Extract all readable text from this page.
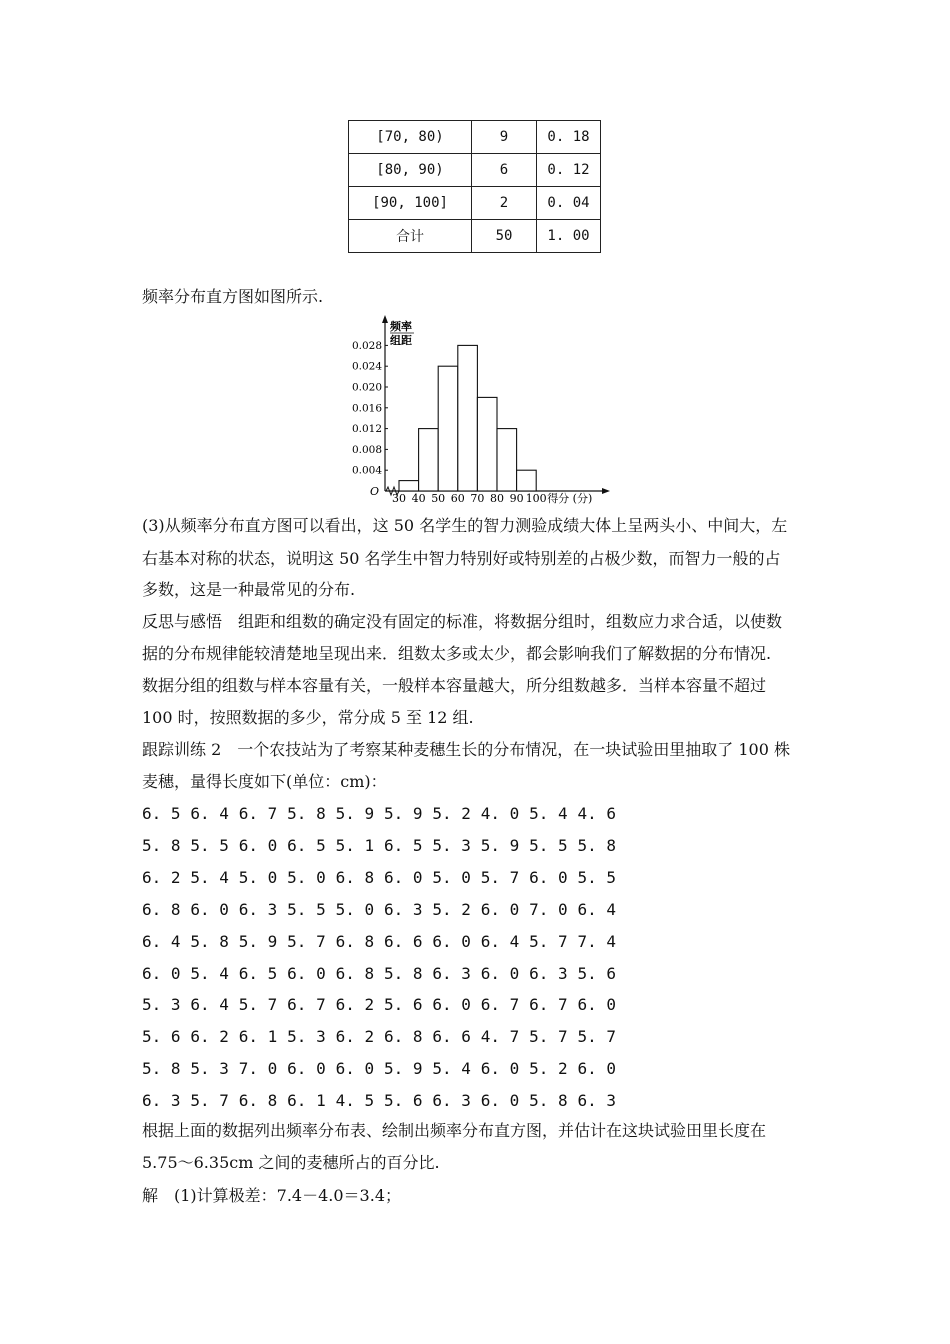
[70, 80)	9	0. 18
[80, 90)	6	0. 12
[90, 100]	2	0. 04
合计	50	1. 00
频率分布直方图如图所示.
频率
组距
O
0.004
0.008
0.012
0.016
0.020
0.024
0.028
30 40 50 60 70 80 90 100 得分 (分)
(3)从频率分布直方图可以看出，这 50 名学生的智力测验成绩大体上呈两头小、中间大，左
右基本对称的状态，说明这 50 名学生中智力特别好或特别差的占极少数，而智力一般的占
多数，这是一种最常见的分布.
反思与感悟　组距和组数的确定没有固定的标准，将数据分组时，组数应力求合适，以使数
据的分布规律能较清楚地呈现出来．组数太多或太少，都会影响我们了解数据的分布情况.
数据分组的组数与样本容量有关，一般样本容量越大，所分组数越多．当样本容量不超过
100 时，按照数据的多少，常分成 5 至 12 组.
跟踪训练 2　一个农技站为了考察某种麦穗生长的分布情况，在一块试验田里抽取了 100 株
麦穗，量得长度如下(单位：cm)：
6. 5 6. 4 6. 7 5. 8 5. 9 5. 9 5. 2 4. 0 5. 4 4. 6
5. 8 5. 5 6. 0 6. 5 5. 1 6. 5 5. 3 5. 9 5. 5 5. 8
6. 2 5. 4 5. 0 5. 0 6. 8 6. 0 5. 0 5. 7 6. 0 5. 5
6. 8 6. 0 6. 3 5. 5 5. 0 6. 3 5. 2 6. 0 7. 0 6. 4
6. 4 5. 8 5. 9 5. 7 6. 8 6. 6 6. 0 6. 4 5. 7 7. 4
6. 0 5. 4 6. 5 6. 0 6. 8 5. 8 6. 3 6. 0 6. 3 5. 6
5. 3 6. 4 5. 7 6. 7 6. 2 5. 6 6. 0 6. 7 6. 7 6. 0
5. 6 6. 2 6. 1 5. 3 6. 2 6. 8 6. 6 4. 7 5. 7 5. 7
5. 8 5. 3 7. 0 6. 0 6. 0 5. 9 5. 4 6. 0 5. 2 6. 0
6. 3 5. 7 6. 8 6. 1 4. 5 5. 6 6. 3 6. 0 5. 8 6. 3
根据上面的数据列出频率分布表、绘制出频率分布直方图，并估计在这块试验田里长度在
5.75～6.35cm 之间的麦穗所占的百分比.
解　(1)计算极差：7.4－4.0＝3.4；
